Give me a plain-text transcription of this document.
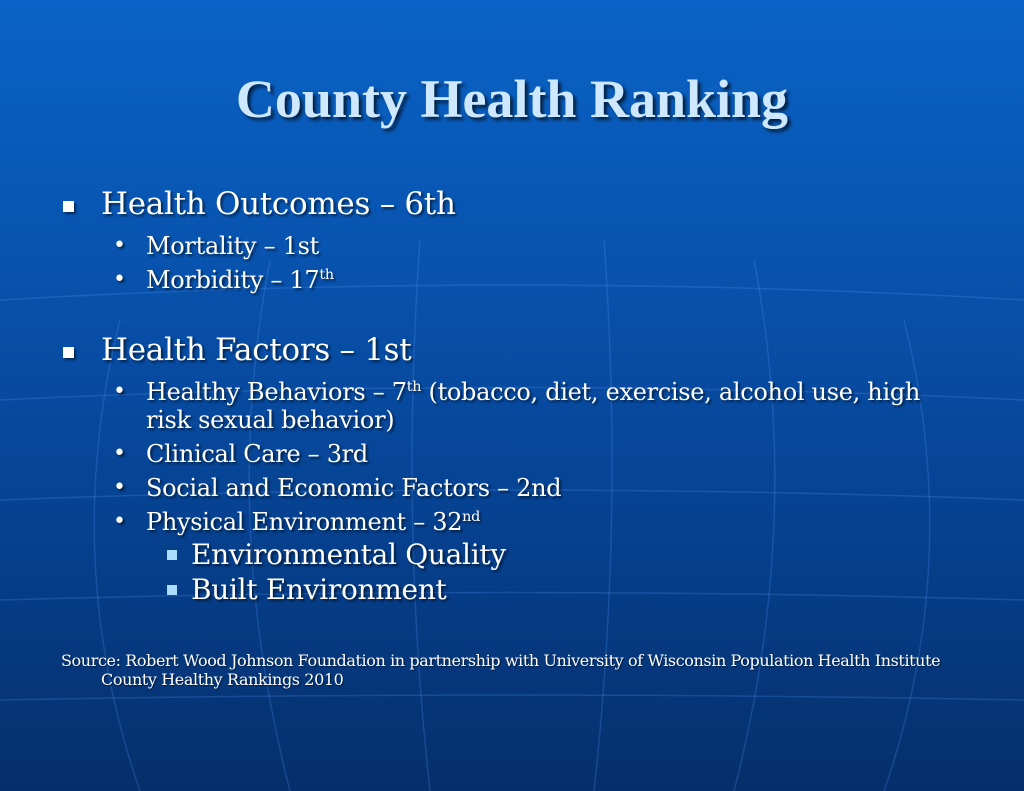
County Health Ranking
Health Outcomes – 6th
• Mortality – 1st
• Morbidity – 17th
Health Factors – 1st
• Healthy Behaviors – 7th (tobacco, diet, exercise, alcohol use, high risk sexual behavior)
• Clinical Care – 3rd
• Social and Economic Factors – 2nd
• Physical Environment – 32nd
Environmental Quality
Built Environment
Source: Robert Wood Johnson Foundation in partnership with University of Wisconsin Population Health Institute
County Healthy Rankings 2010
